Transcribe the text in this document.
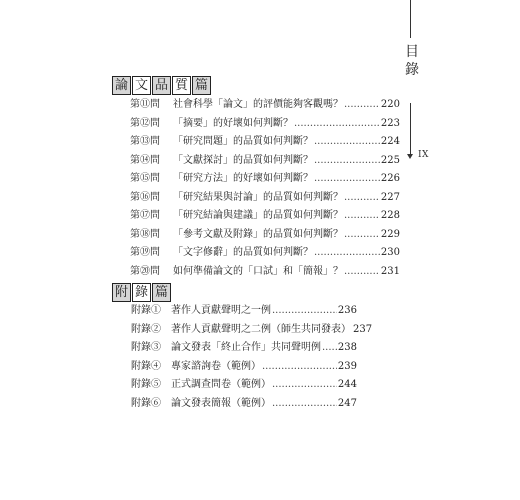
目
錄
IX
論 文 品 質 篇
第⑪問	社會科學「論文」的評價能夠客觀嗎？ .....	220
第⑫問	「摘要」的好壞如何判斷？ .....	223
第⑬問	「研究問題」的品質如何判斷？ .....	224
第⑭問	「文獻探討」的品質如何判斷？ .....	225
第⑮問	「研究方法」的好壞如何判斷？ .....	226
第⑯問	「研究結果與討論」的品質如何判斷？ .....	227
第⑰問	「研究結論與建議」的品質如何判斷？ .....	228
第⑱問	「參考文獻及附錄」的品質如何判斷？ .....	229
第⑲問	「文字修辭」的品質如何判斷？ .....	230
第⑳問	如何準備論文的「口試」和「簡報」？ .....	231
附 錄 篇
附錄①	著作人貢獻聲明之一例 .....	236
附錄②	著作人貢獻聲明之二例（師生共同發表） 237
附錄③	論文發表「終止合作」共同聲明例 ..... 238
附錄④	專家諮詢卷（範例） .....	239
附錄⑤	正式調查問卷（範例） .....	244
附錄⑥	論文發表簡報（範例） .....	247
